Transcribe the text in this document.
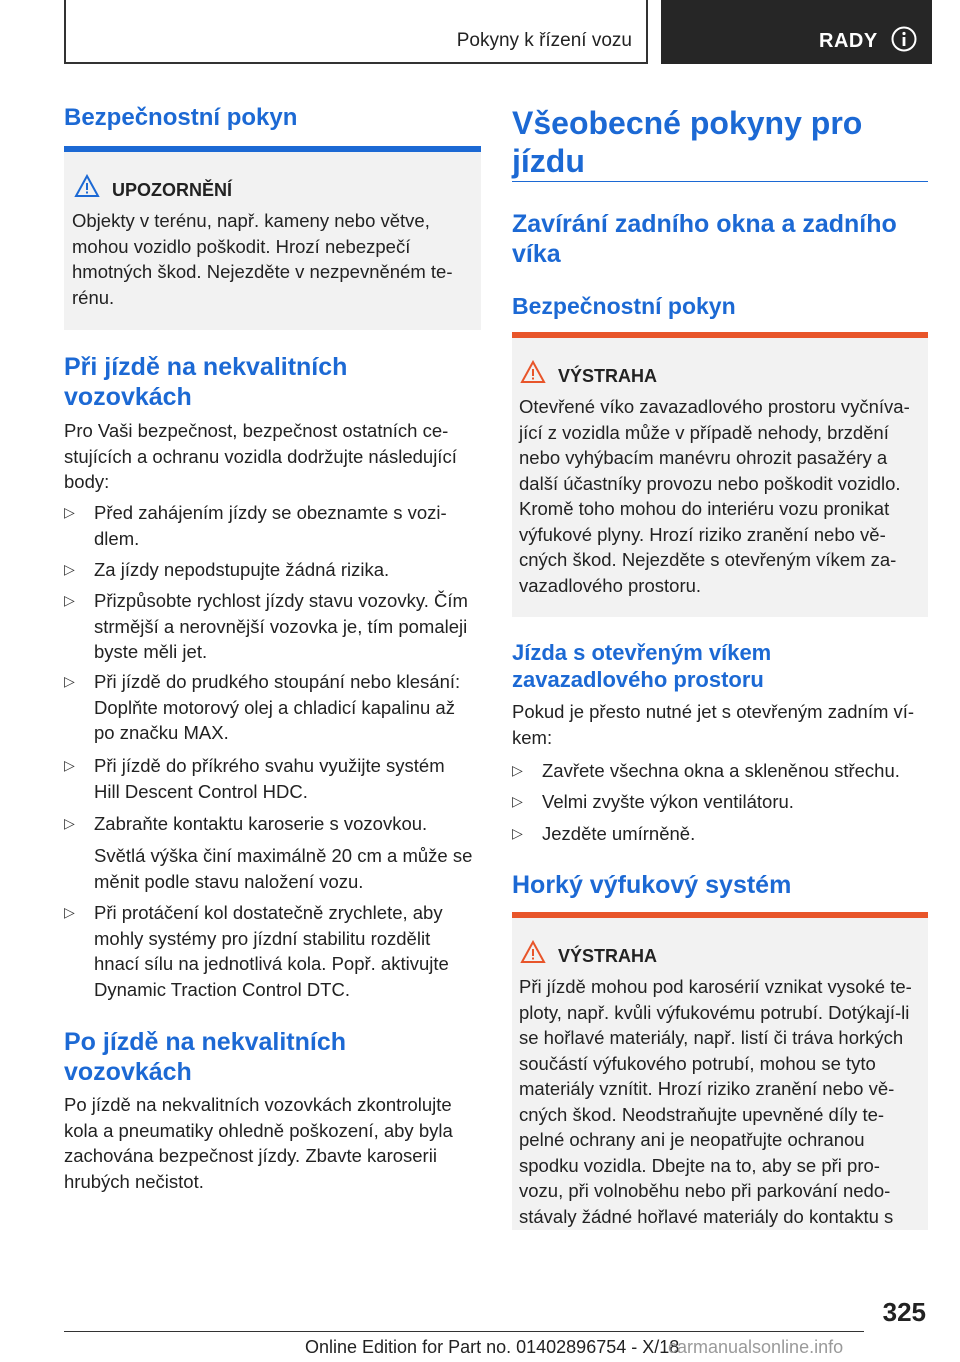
Pokyny k řízení vozu	RADY
Bezpečnostní pokyn
UPOZORNĚNÍ
Objekty v terénu, např. kameny nebo větve,
mohou vozidlo poškodit. Hrozí nebezpečí
hmotných škod. Nejezděte v nezpevněném te-
rénu.
Při jízdě na nekvalitních
vozovkách
Pro Vaši bezpečnost, bezpečnost ostatních ce-
stujících a ochranu vozidla dodržujte následující
body:
▷ Před zahájením jízdy se obeznamte s vozi-
dlem.
▷ Za jízdy nepodstupujte žádná rizika.
▷ Přizpůsobte rychlost jízdy stavu vozovky. Čím
strmější a nerovnější vozovka je, tím pomaleji
byste měli jet.
▷ Při jízdě do prudkého stoupání nebo klesání:
Doplňte motorový olej a chladicí kapalinu až
po značku MAX.
▷ Při jízdě do příkrého svahu využijte systém
Hill Descent Control HDC.
▷ Zabraňte kontaktu karoserie s vozovkou.
Světlá výška činí maximálně 20 cm a může se
měnit podle stavu naložení vozu.
▷ Při protáčení kol dostatečně zrychlete, aby
mohly systémy pro jízdní stabilitu rozdělit
hnací sílu na jednotlivá kola. Popř. aktivujte
Dynamic Traction Control DTC.
Po jízdě na nekvalitních
vozovkách
Po jízdě na nekvalitních vozovkách zkontrolujte
kola a pneumatiky ohledně poškození, aby byla
zachována bezpečnost jízdy. Zbavte karoserii
hrubých nečistot.
Všeobecné pokyny pro
jízdu
Zavírání zadního okna a zadního
víka
Bezpečnostní pokyn
VÝSTRAHA
Otevřené víko zavazadlového prostoru vyčníva-
jící z vozidla může v případě nehody, brzdění
nebo vyhýbacím manévru ohrozit pasažéry a
další účastníky provozu nebo poškodit vozidlo.
Kromě toho mohou do interiéru vozu pronikat
výfukové plyny. Hrozí riziko zranění nebo vě-
cných škod. Nejezděte s otevřeným víkem za-
vazadlového prostoru.
Jízda s otevřeným víkem
zavazadlového prostoru
Pokud je přesto nutné jet s otevřeným zadním ví-
kem:
▷ Zavřete všechna okna a skleněnou střechu.
▷ Velmi zvyšte výkon ventilátoru.
▷ Jezděte umírněně.
Horký výfukový systém
VÝSTRAHA
Při jízdě mohou pod karosérií vznikat vysoké te-
ploty, např. kvůli výfukovému potrubí. Dotýkají-li
se hořlavé materiály, např. listí či tráva horkých
součástí výfukového potrubí, mohou se tyto
materiály vznítit. Hrozí riziko zranění nebo vě-
cných škod. Neodstraňujte upevněné díly te-
pelné ochrany ani je neopatřujte ochranou
spodku vozidla. Dbejte na to, aby se při pro-
vozu, při volnoběhu nebo při parkování nedo-
stávaly žádné hořlavé materiály do kontaktu s
325
Online Edition for Part no. 01402896754 - X/18
carmanualsonline.info
